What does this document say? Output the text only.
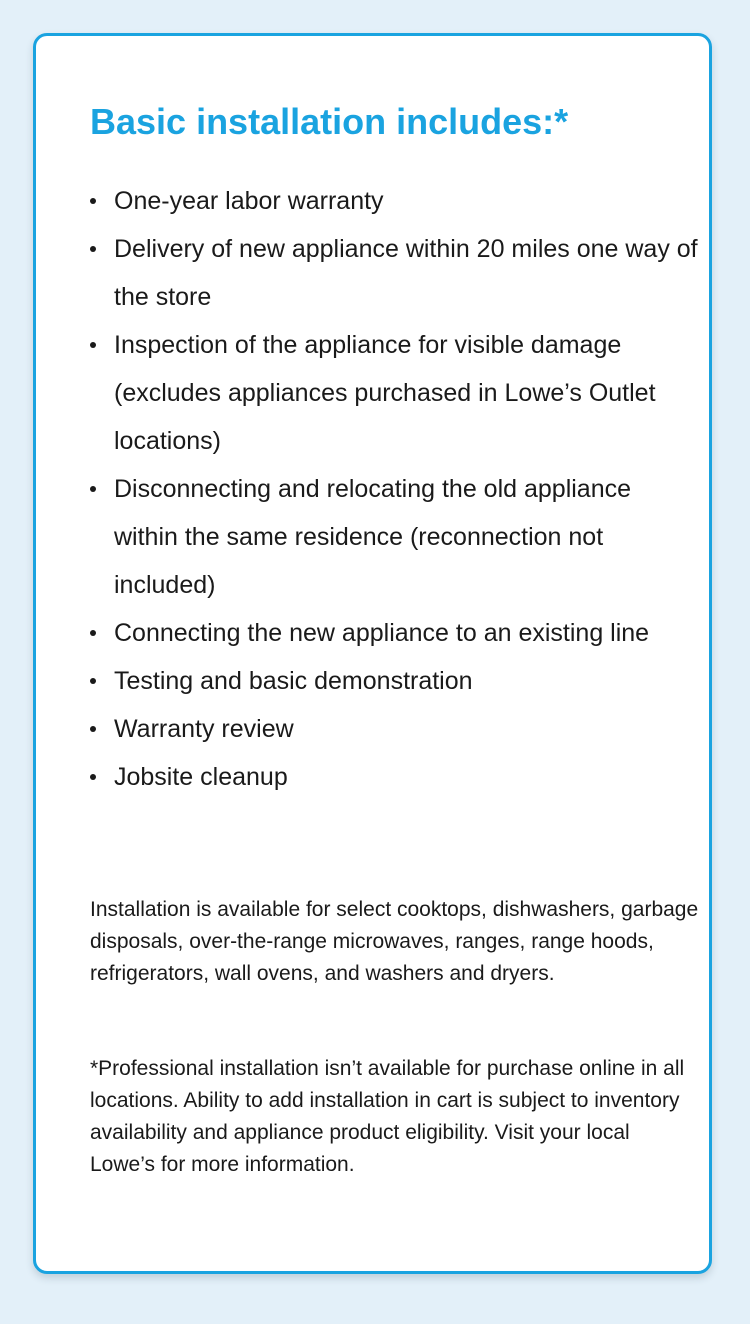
Basic installation includes:*
One-year labor warranty
Delivery of new appliance within 20 miles one way of the store
Inspection of the appliance for visible damage (excludes appliances purchased in Lowe’s Outlet locations)
Disconnecting and relocating the old appliance within the same residence (reconnection not included)
Connecting the new appliance to an existing line
Testing and basic demonstration
Warranty review
Jobsite cleanup

Installation is available for select cooktops, dishwashers, garbage disposals, over-the-range microwaves, ranges, range hoods, refrigerators, wall ovens, and washers and dryers.

*Professional installation isn’t available for purchase online in all locations. Ability to add installation in cart is subject to inventory availability and appliance product eligibility. Visit your local Lowe’s for more information.
